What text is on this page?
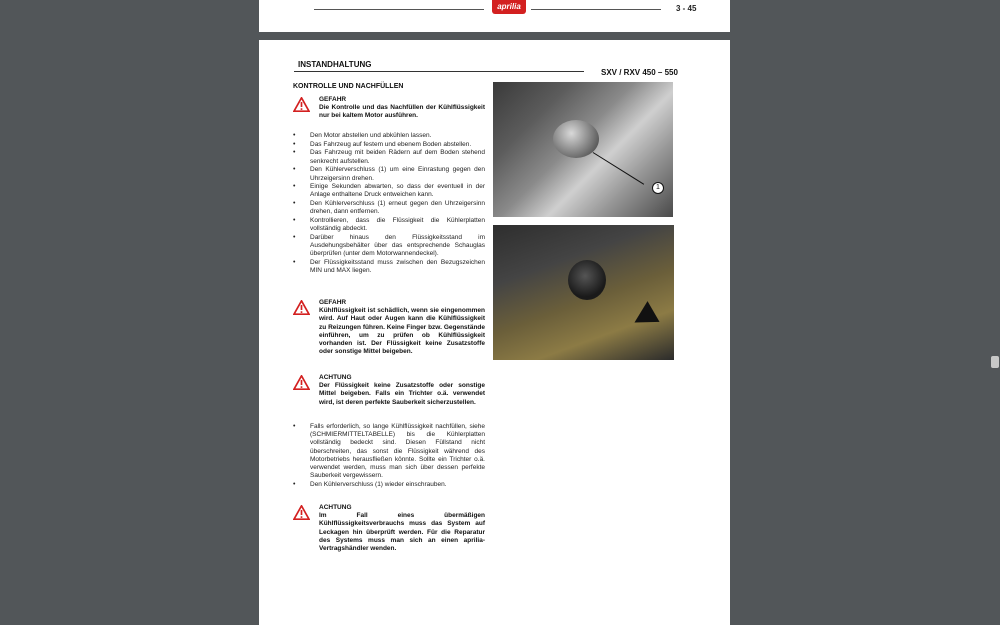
aprilia	3 - 45
INSTANDHALTUNG
SXV / RXV 450 – 550
KONTROLLE UND NACHFÜLLEN
GEFAHR
Die Kontrolle und das Nachfüllen der Kühlflüssigkeit nur bei kaltem Motor ausführen.
• Den Motor abstellen und abkühlen lassen.
• Das Fahrzeug auf festem und ebenem Boden abstellen.
• Das Fahrzeug mit beiden Rädern auf dem Boden stehend senkrecht aufstellen.
• Den Kühlerverschluss (1) um eine Einrastung gegen den Uhrzeigersinn drehen.
• Einige Sekunden abwarten, so dass der eventuell in der Anlage enthaltene Druck entweichen kann.
• Den Kühlerverschluss (1) erneut gegen den Uhrzeigersinn drehen, dann entfernen.
• Kontrollieren, dass die Flüssigkeit die Kühlerplatten vollständig abdeckt.
• Darüber hinaus den Flüssigkeitsstand im Ausdehungsbehälter über das entsprechende Schauglas überprüfen (unter dem Motorwannendeckel).
• Der Flüssigkeitsstand muss zwischen den Bezugszeichen MIN und MAX liegen.
GEFAHR
Kühlflüssigkeit ist schädlich, wenn sie eingenommen wird. Auf Haut oder Augen kann die Kühlflüssigkeit zu Reizungen führen. Keine Finger bzw. Gegenstände einführen, um zu prüfen ob Kühlflüssigkeit vorhanden ist. Der Flüssigkeit keine Zusatzstoffe oder sonstige Mittel beigeben.
ACHTUNG
Der Flüssigkeit keine Zusatzstoffe oder sonstige Mittel beigeben. Falls ein Trichter o.ä. verwendet wird, ist deren perfekte Sauberkeit sicherzustellen.
• Falls erforderlich, so lange Kühlflüssigkeit nachfüllen, siehe (SCHMIERMITTELTABELLE) bis die Kühlerplatten vollständig bedeckt sind. Diesen Füllstand nicht überschreiten, das sonst die Flüssigkeit während des Motorbetriebs herausfließen könnte. Sollte ein Trichter o.ä. verwendet werden, muss man sich über dessen perfekte Sauberkeit vergewissern.
• Den Kühlerverschluss (1) wieder einschrauben.
ACHTUNG
Im Fall eines übermäßigen Kühlflüssigkeitsverbrauchs muss das System auf Leckagen hin überprüft werden. Für die Reparatur des Systems muss man sich an einen aprilia-Vertragshändler wenden.
1
